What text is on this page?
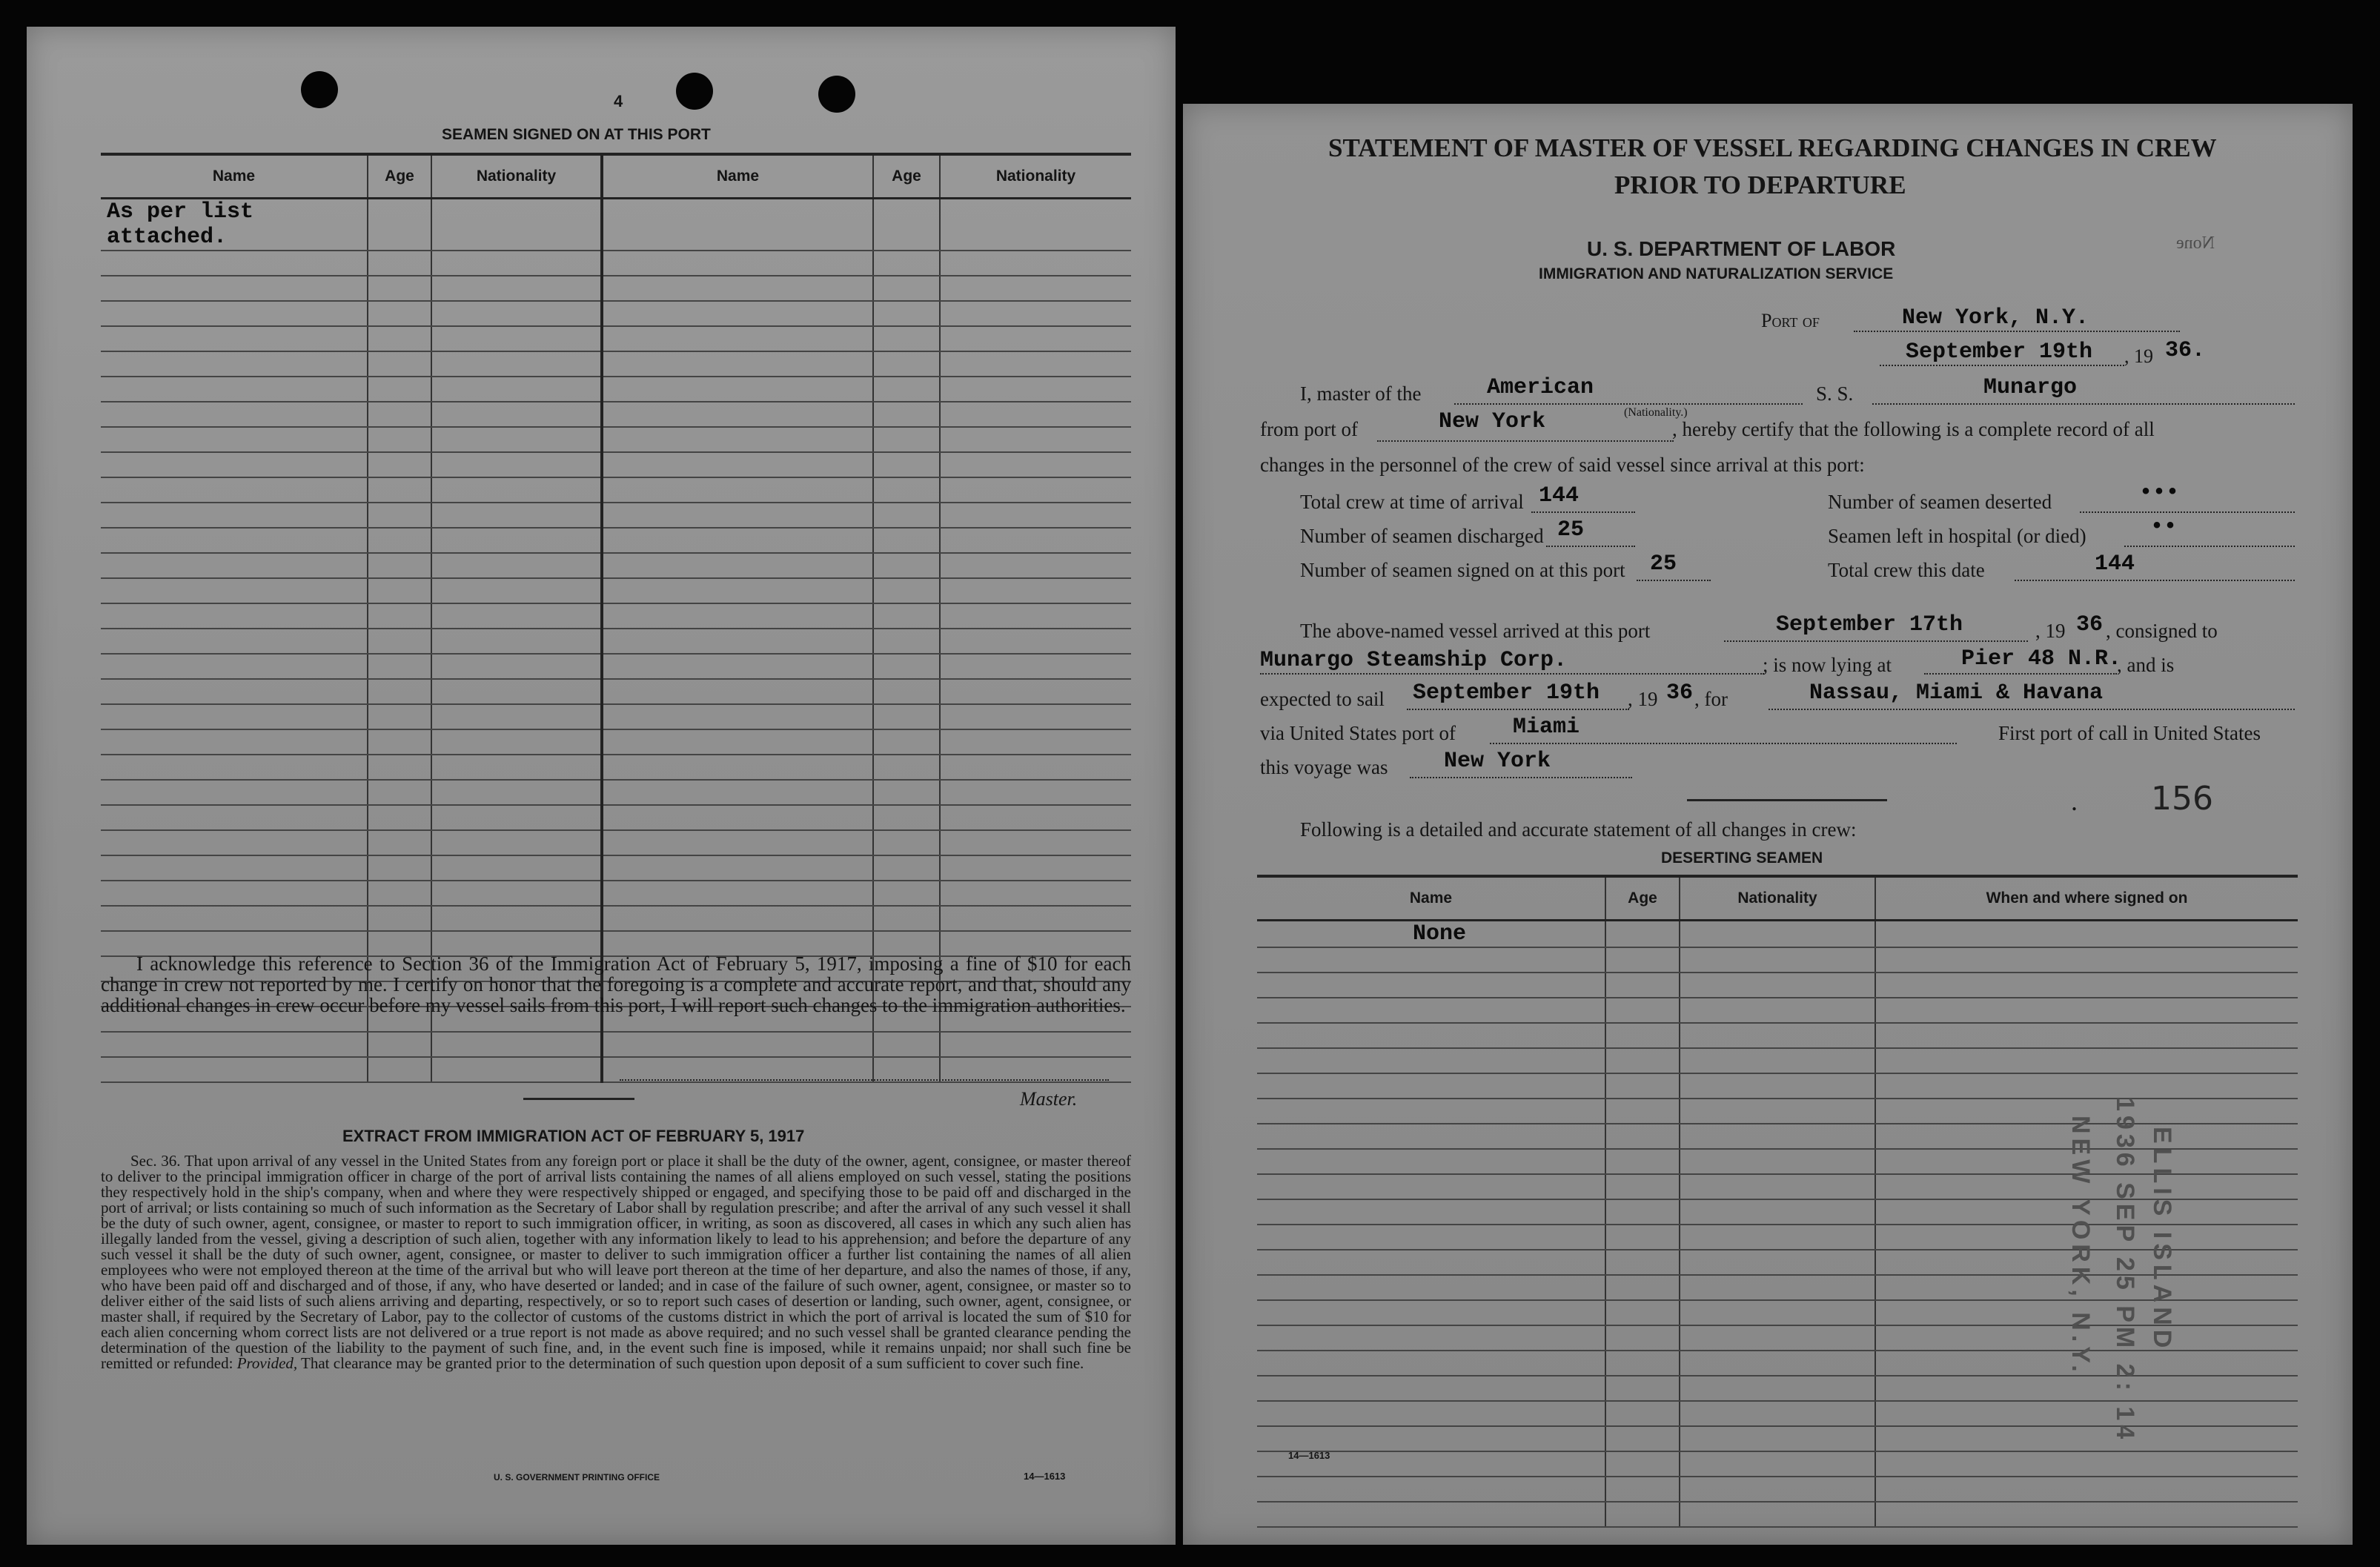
4
SEAMEN SIGNED ON AT THIS PORT
Name	Age	Nationality	Name	Age	Nationality
As per list attached.					

I acknowledge this reference to Section 36 of the Immigration Act of February 5, 1917, imposing a fine of $10 for each change in crew not reported by me. I certify on honor that the foregoing is a complete and accurate report, and that, should any additional changes in crew occur before my vessel sails from this port, I will report such changes to the immigration authorities.
Master.
EXTRACT FROM IMMIGRATION ACT OF FEBRUARY 5, 1917
Sec. 36. That upon arrival of any vessel in the United States from any foreign port or place it shall be the duty of the owner, agent, consignee, or master thereof to deliver to the principal immigration officer in charge of the port of arrival lists containing the names of all aliens employed on such vessel, stating the positions they respectively hold in the ship's company, when and where they were respectively shipped or engaged, and specifying those to be paid off and discharged in the port of arrival; or lists containing so much of such information as the Secretary of Labor shall by regulation prescribe; and after the arrival of any such vessel it shall be the duty of such owner, agent, consignee, or master to report to such immigration officer, in writing, as soon as discovered, all cases in which any such alien has illegally landed from the vessel, giving a description of such alien, together with any information likely to lead to his apprehension; and before the departure of any such vessel it shall be the duty of such owner, agent, consignee, or master to deliver to such immigration officer a further list containing the names of all alien employees who were not employed thereon at the time of the arrival but who will leave port thereon at the time of her departure, and also the names of those, if any, who have been paid off and discharged and of those, if any, who have deserted or landed; and in case of the failure of such owner, agent, consignee, or master so to deliver either of the said lists of such aliens arriving and departing, respectively, or so to report such cases of desertion or landing, such owner, agent, consignee, or master shall, if required by the Secretary of Labor, pay to the collector of customs of the customs district in which the port of arrival is located the sum of $10 for each alien concerning whom correct lists are not delivered or a true report is not made as above required; and no such vessel shall be granted clearance pending the determination of the question of the liability to the payment of such fine, and, in the event such fine is imposed, while it remains unpaid; nor shall such fine be remitted or refunded: Provided, That clearance may be granted prior to the determination of such question upon deposit of a sum sufficient to cover such fine.
U. S. GOVERNMENT PRINTING OFFICE	14—1613
STATEMENT OF MASTER OF VESSEL REGARDING CHANGES IN CREW
PRIOR TO DEPARTURE
None
U. S. DEPARTMENT OF LABOR
IMMIGRATION AND NATURALIZATION SERVICE
Port of	New York, N.Y.
September 19th , 19 36.
I, master of the	American
(Nationality.)
S. S.	Munargo
from port of	New York	, hereby certify that the following is a complete record of all
changes in the personnel of the crew of said vessel since arrival at this port:
Total crew at time of arrival 144	Number of seamen deserted	•••
Number of seamen discharged 25	Seamen left in hospital (or died)	••
Number of seamen signed on at this port 25	Total crew this date	144
The above-named vessel arrived at this port	September 17th	, 19 36 , consigned to
Munargo Steamship Corp.	; is now lying at	Pier 48 N.R.
, and is
expected to sail September 19th , 19 36 , for	Nassau, Miami & Havana
via United States port of	Miami	First port of call in United States
this voyage was	New York
. 156
Following is a detailed and accurate statement of all changes in crew:
DESERTING SEAMEN
Name	Age	Nationality	When and where signed on
None			

ELLIS ISLAND
1936 SEP 25 PM 2: 14
NEW YORK, N.Y.
14—1613
